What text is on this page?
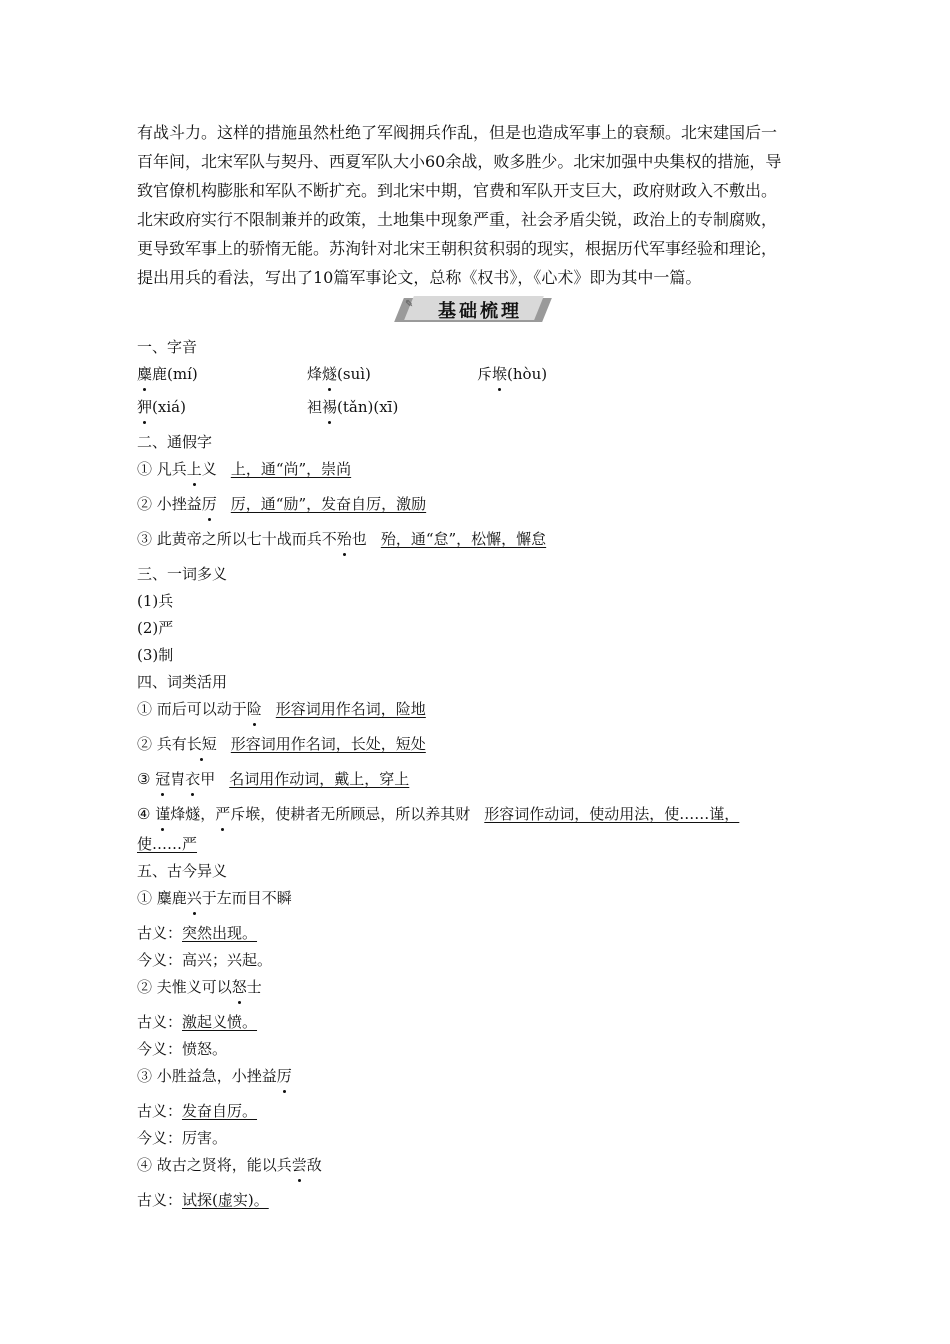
有战斗力。这样的措施虽然杜绝了军阀拥兵作乱，但是也造成军事上的衰颓。北宋建国后一
百年间，北宋军队与契丹、西夏军队大小60余战，败多胜少。北宋加强中央集权的措施，导
致官僚机构膨胀和军队不断扩充。到北宋中期，官费和军队开支巨大，政府财政入不敷出。
北宋政府实行不限制兼并的政策，土地集中现象严重，社会矛盾尖锐，政治上的专制腐败，
更导致军事上的骄惰无能。苏洵针对北宋王朝积贫积弱的现实，根据历代军事经验和理论，
提出用兵的看法，写出了10篇军事论文，总称《权书》，《心术》即为其中一篇。
✎	基础梳理
一、字音
麋鹿(mí)	烽燧(suì)	斥堠(hòu)
狎(xiá)	袒裼(tǎn)(xī)
二、通假字
① 凡兵上义 上，通“尚”，崇尚
② 小挫益厉 厉，通“励”，发奋自厉，激励
③ 此黄帝之所以七十战而兵不殆也 殆，通“怠”，松懈，懈怠
三、一词多义
(1)兵
(2)严
(3)制
四、词类活用
① 而后可以动于险 形容词用作名词，险地
② 兵有长短 形容词用作名词，长处，短处
③ 冠胄衣甲 名词用作动词，戴上，穿上
④ 谨烽燧，严斥堠，使耕者无所顾忌，所以养其财 形容词作动词，使动用法，使……谨，
使……严
五、古今异义
① 麋鹿兴于左而目不瞬
古义：突然出现。
今义：高兴；兴起。
② 夫惟义可以怒士
古义：激起义愤。
今义：愤怒。
③ 小胜益急，小挫益厉
古义：发奋自厉。
今义：厉害。
④ 故古之贤将，能以兵尝敌
古义：试探(虚实)。
